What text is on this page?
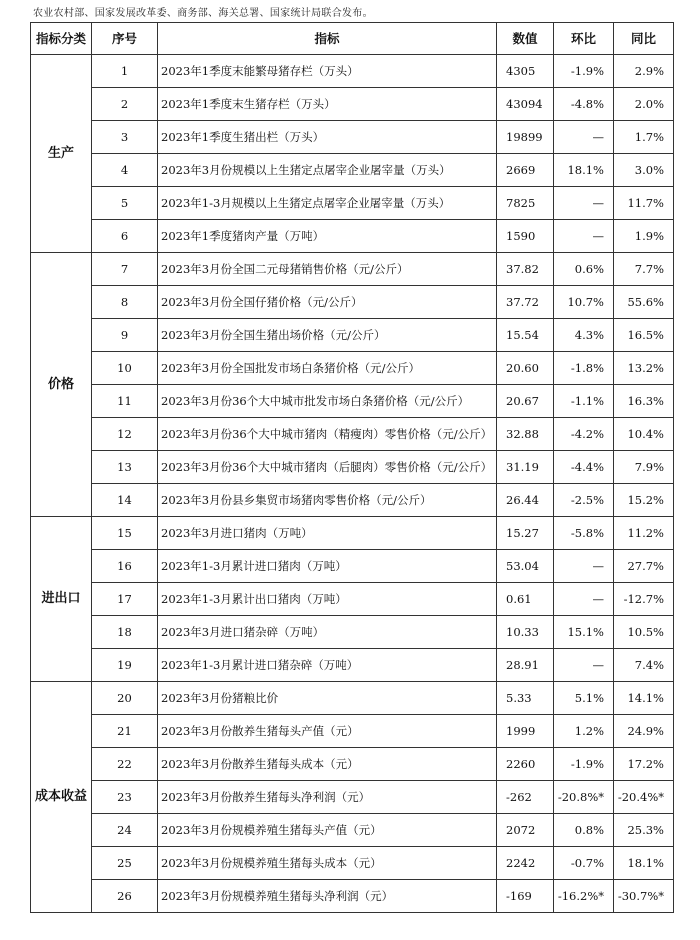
农业农村部、国家发展改革委、商务部、海关总署、国家统计局联合发布。
指标分类	序号	指标	数值	环比	同比
生产	1	2023年1季度末能繁母猪存栏（万头）	4305	-1.9%	2.9%
	2	2023年1季度末生猪存栏（万头）	43094	-4.8%	2.0%
	3	2023年1季度生猪出栏（万头）	19899	—	1.7%
	4	2023年3月份规模以上生猪定点屠宰企业屠宰量（万头）	2669	18.1%	3.0%
	5	2023年1-3月规模以上生猪定点屠宰企业屠宰量（万头）	7825	—	11.7%
	6	2023年1季度猪肉产量（万吨）	1590	—	1.9%
价格	7	2023年3月份全国二元母猪销售价格（元/公斤）	37.82	0.6%	7.7%
	8	2023年3月份全国仔猪价格（元/公斤）	37.72	10.7%	55.6%
	9	2023年3月份全国生猪出场价格（元/公斤）	15.54	4.3%	16.5%
	10	2023年3月份全国批发市场白条猪价格（元/公斤）	20.60	-1.8%	13.2%
	11	2023年3月份36个大中城市批发市场白条猪价格（元/公斤）	20.67	-1.1%	16.3%
	12	2023年3月份36个大中城市猪肉（精瘦肉）零售价格（元/公斤）	32.88	-4.2%	10.4%
	13	2023年3月份36个大中城市猪肉（后腿肉）零售价格（元/公斤）	31.19	-4.4%	7.9%
	14	2023年3月份县乡集贸市场猪肉零售价格（元/公斤）	26.44	-2.5%	15.2%
进出口	15	2023年3月进口猪肉（万吨）	15.27	-5.8%	11.2%
	16	2023年1-3月累计进口猪肉（万吨）	53.04	—	27.7%
	17	2023年1-3月累计出口猪肉（万吨）	0.61	—	-12.7%
	18	2023年3月进口猪杂碎（万吨）	10.33	15.1%	10.5%
	19	2023年1-3月累计进口猪杂碎（万吨）	28.91	—	7.4%
成本收益	20	2023年3月份猪粮比价	5.33	5.1%	14.1%
	21	2023年3月份散养生猪每头产值（元）	1999	1.2%	24.9%
	22	2023年3月份散养生猪每头成本（元）	2260	-1.9%	17.2%
	23	2023年3月份散养生猪每头净利润（元）	-262	-20.8%*	-20.4%*
	24	2023年3月份规模养殖生猪每头产值（元）	2072	0.8%	25.3%
	25	2023年3月份规模养殖生猪每头成本（元）	2242	-0.7%	18.1%
	26	2023年3月份规模养殖生猪每头净利润（元）	-169	-16.2%*	-30.7%*
